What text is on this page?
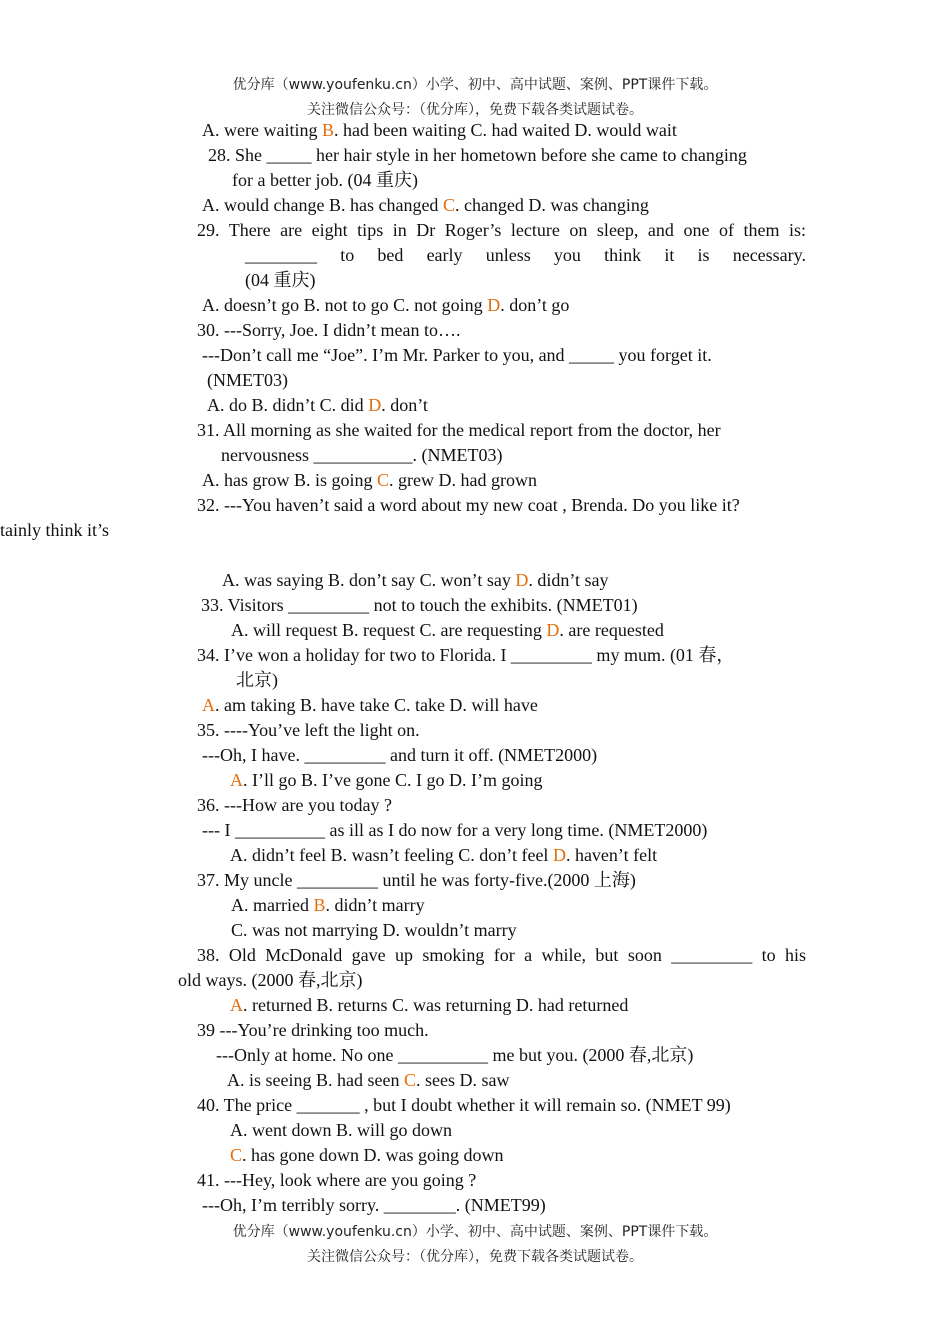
优分库（www.youfenku.cn）小学、初中、高中试题、案例、PPT课件下载。
关注微信公众号：（优分库），免费下载各类试题试卷。
A. were waiting B. had been waiting C. had waited D. would wait
28. She _____ her hair style in her hometown before she came to changing
for a better job. (04 重庆)
A. would change B. has changed C. changed D. was changing
29. There are eight tips in Dr Roger’s lecture on sleep, and one of them is:
________ to bed early unless you think it is necessary.
(04 重庆)
A. doesn’t go B. not to go C. not going D. don’t go
30. ---Sorry, Joe. I didn’t mean to….
---Don’t call me “Joe”. I’m Mr. Parker to you, and _____ you forget it.
(NMET03)
A. do B. didn’t C. did D. don’t
31. All morning as she waited for the medical report from the doctor, her
nervousness ___________. (NMET03)
A. has grow B. is going C. grew D. had grown
32. ---You haven’t said a word about my new coat , Brenda. Do you like it?
tainly think it’s
A. was saying B. don’t say C. won’t say D. didn’t say
33. Visitors _________ not to touch the exhibits. (NMET01)
A. will request B. request C. are requesting D. are requested
34. I’ve won a holiday for two to Florida. I _________ my mum. (01 春，
北京)
A. am taking B. have take C. take D. will have
35. ----You’ve left the light on.
---Oh, I have. _________ and turn it off. (NMET2000)
A. I’ll go B. I’ve gone C. I go D. I’m going
36. ---How are you today ?
--- I __________ as ill as I do now for a very long time. (NMET2000)
A. didn’t feel B. wasn’t feeling C. don’t feel D. haven’t felt
37. My uncle _________ until he was forty-five.(2000 上海)
A. married B. didn’t marry
C. was not marrying D. wouldn’t marry
38. Old McDonald gave up smoking for a while, but soon _________ to his
old ways. (2000 春,北京)
A. returned B. returns C. was returning D. had returned
39 ---You’re drinking too much.
---Only at home. No one __________ me but you. (2000 春,北京)
A. is seeing B. had seen C. sees D. saw
40. The price _______ , but I doubt whether it will remain so. (NMET 99)
A. went down B. will go down
C. has gone down D. was going down
41. ---Hey, look where are you going ?
---Oh, I’m terribly sorry. ________. (NMET99)
优分库（www.youfenku.cn）小学、初中、高中试题、案例、PPT课件下载。
关注微信公众号：（优分库），免费下载各类试题试卷。
